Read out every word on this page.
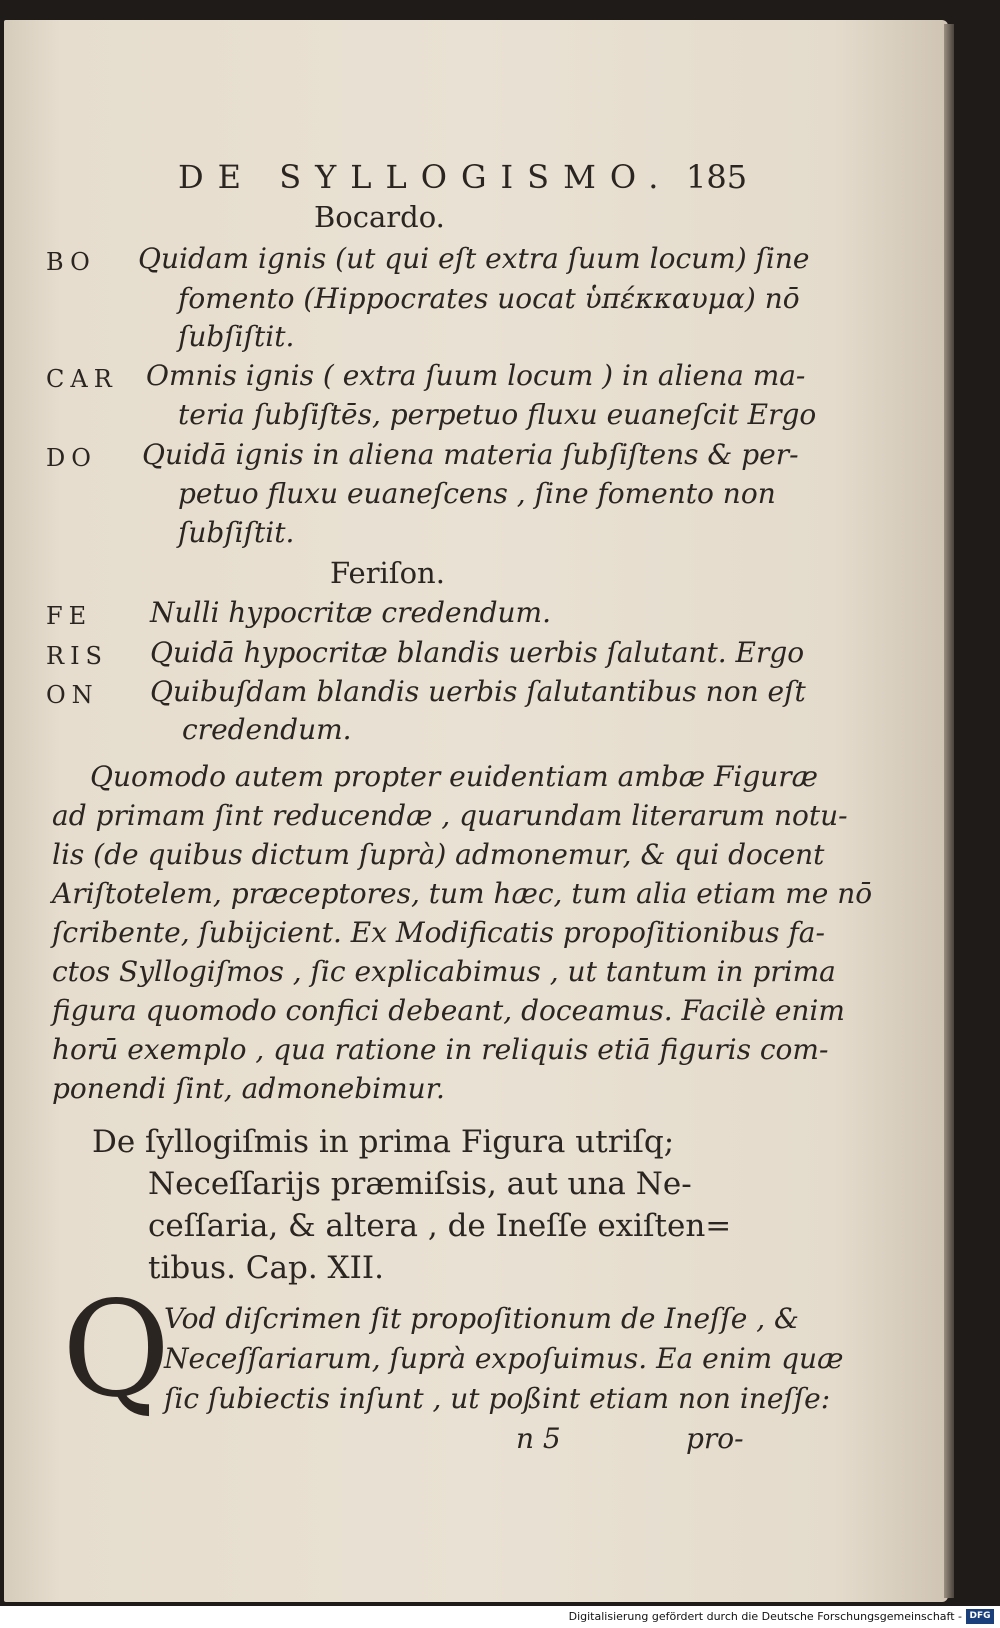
DE SYLLOGISMO. 185
Bocardo.
BO Quidam ignis (ut qui eſt extra ſuum locum) ſine
fomento (Hippocrates uocat ὑπέκκαυμα) nō
ſubſiſtit.
CAR Omnis ignis ( extra ſuum locum ) in aliena ma-
teria ſubſiſtēs, perpetuo fluxu euaneſcit Ergo
DO Quidā ignis in aliena materia ſubſiſtens & per-
petuo fluxu euaneſcens , ſine fomento non
ſubſiſtit.
Feriſon.
FE Nulli hypocritæ credendum.
RIS Quidā hypocritæ blandis uerbis ſalutant. Ergo
ON Quibuſdam blandis uerbis ſalutantibus non eſt
credendum.
Quomodo autem propter euidentiam ambæ Figuræ
ad primam ſint reducendæ , quarundam literarum notu-
lis (de quibus dictum ſuprà) admonemur, & qui docent
Ariſtotelem, præceptores, tum hæc, tum alia etiam me nō
ſcribente, ſubijcient. Ex Modificatis propoſitionibus fa-
ctos Syllogiſmos , ſic explicabimus , ut tantum in prima
figura quomodo confici debeant, doceamus. Facilè enim
horū exemplo , qua ratione in reliquis etiā figuris com-
ponendi ſint, admonebimur.
De ſyllogiſmis in prima Figura utriſq;
Neceſſarijs præmiſsis, aut una Ne-
ceſſaria, & altera , de Ineſſe exiſten=
tibus. Cap. XII.
Q
Vod diſcrimen ſit propoſitionum de Ineſſe , &
Neceſſariarum, ſuprà expoſuimus. Ea enim quæ
ſic ſubiectis inſunt , ut poßint etiam non ineſſe:
n 5	pro-
Digitalisierung gefördert durch die Deutsche Forschungsgemeinschaft - DFG
